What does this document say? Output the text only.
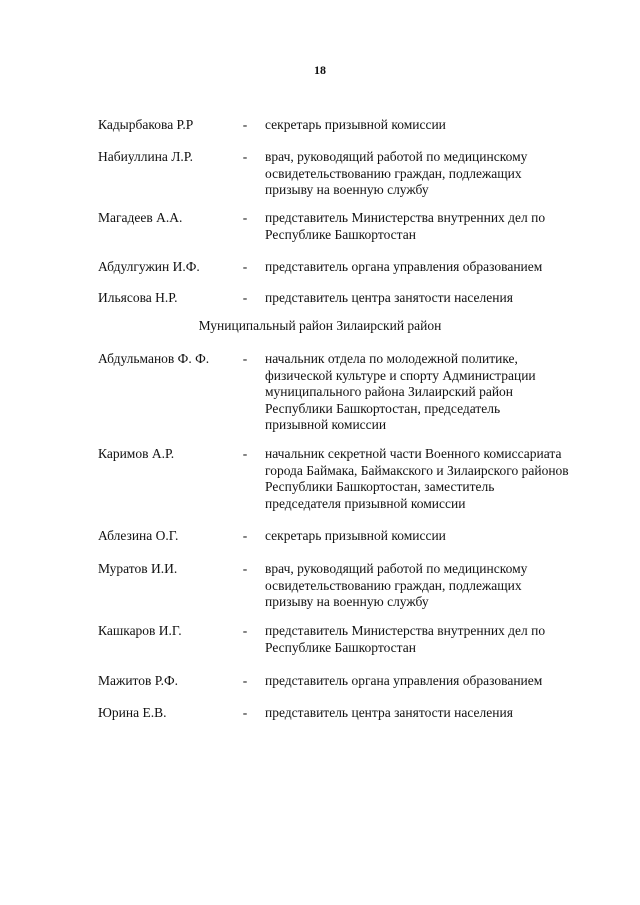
18
Кадырбакова Р.Р	- секретарь призывной комиссии
Набиуллина Л.Р.	- врач, руководящий работой по медицинскому
освидетельствованию граждан, подлежащих
призыву на военную службу
Магадеев А.А.	- представитель Министерства внутренних дел по
Республике Башкортостан
Абдулгужин И.Ф.	- представитель органа управления образованием
Ильясова Н.Р.	- представитель центра занятости населения
Муниципальный район Зилаирский район
Абдульманов Ф. Ф. - начальник отдела по молодежной политике,
физической культуре и спорту Администрации
муниципального района Зилаирский район
Республики Башкортостан, председатель
призывной комиссии
Каримов А.Р.	- начальник секретной части Военного комиссариата
города Баймака, Баймакского и Зилаирского районов
Республики Башкортостан, заместитель
председателя призывной комиссии
Аблезина О.Г.	- секретарь призывной комиссии
Муратов И.И.	- врач, руководящий работой по медицинскому
освидетельствованию граждан, подлежащих
призыву на военную службу
Кашкаров И.Г.	- представитель Министерства внутренних дел по
Республике Башкортостан
Мажитов Р.Ф.	- представитель органа управления образованием
Юрина Е.В.	- представитель центра занятости населения
